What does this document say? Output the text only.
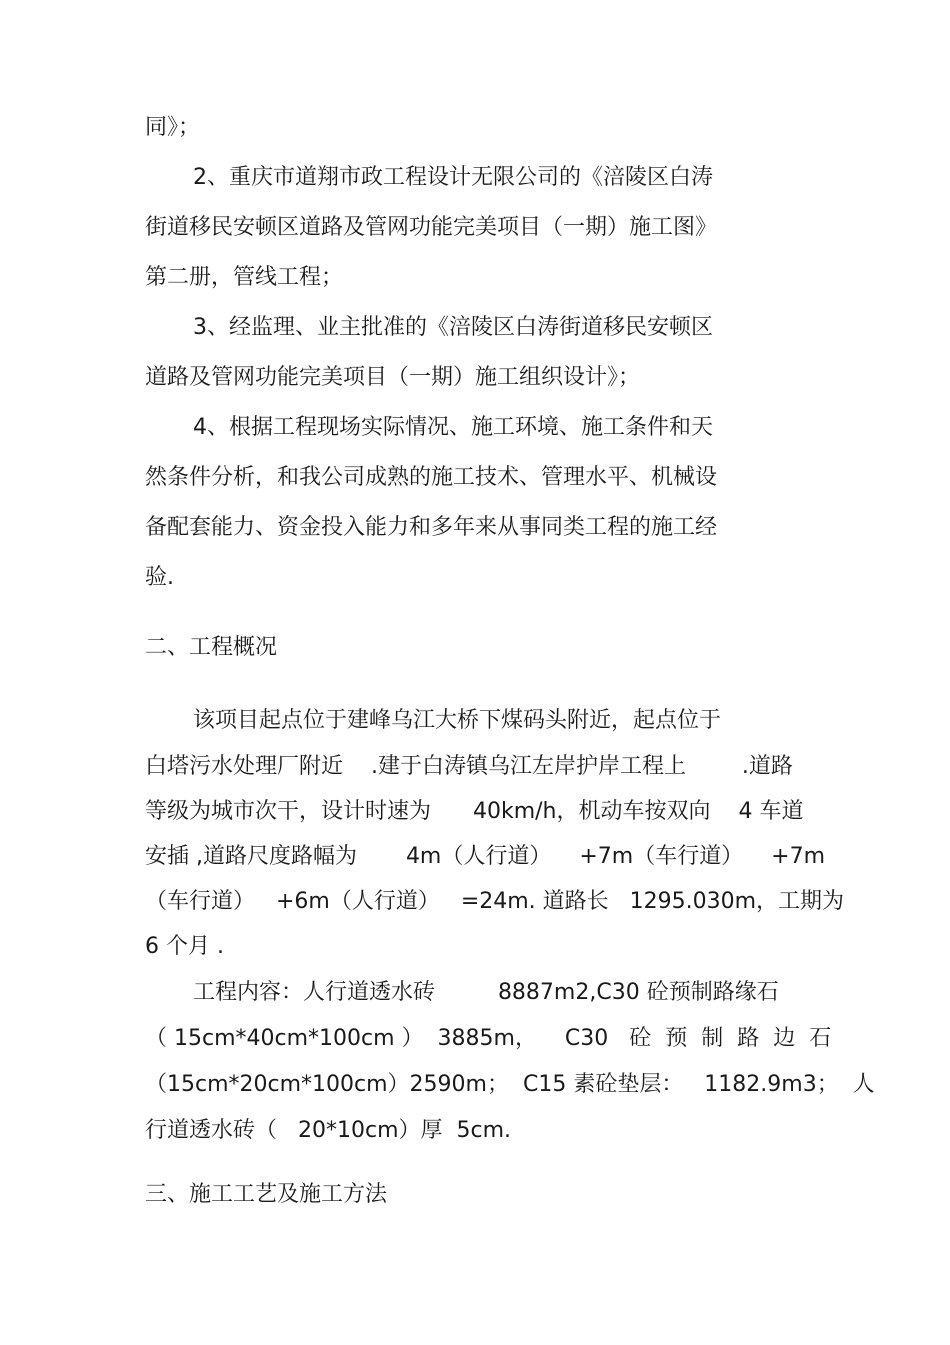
同》；
2、重庆市道翔市政工程设计无限公司的《涪陵区白涛
街道移民安顿区道路及管网功能完美项目（一期）施工图》
第二册，管线工程；
3、经监理、业主批准的《涪陵区白涛街道移民安顿区
道路及管网功能完美项目（一期）施工组织设计》；
4、根据工程现场实际情况、施工环境、施工条件和天
然条件分析，和我公司成熟的施工技术、管理水平、机械设
备配套能力、资金投入能力和多年来从事同类工程的施工经
验.
二、工程概况
该项目起点位于建峰乌江大桥下煤码头附近，起点位于
白塔污水处理厂附近    .建于白涛镇乌江左岸护岸工程上        .道路
等级为城市次干，设计时速为      40km/h，机动车按双向    4 车道
安插 ,道路尺度路幅为       4m（人行道）    +7m（车行道）    +7m
（车行道）   +6m（人行道）   =24m. 道路长   1295.030m，工期为
6 个月 .
工程内容：人行道透水砖         8887m2,C30 砼预制路缘石
（ 15cm*40cm*100cm ）  3885m，    C30   砼  预  制  路  边  石
（15cm*20cm*100cm）2590m；  C15 素砼垫层：   1182.9m3；  人
行道透水砖（   20*10cm）厚  5cm.
三、施工工艺及施工方法
